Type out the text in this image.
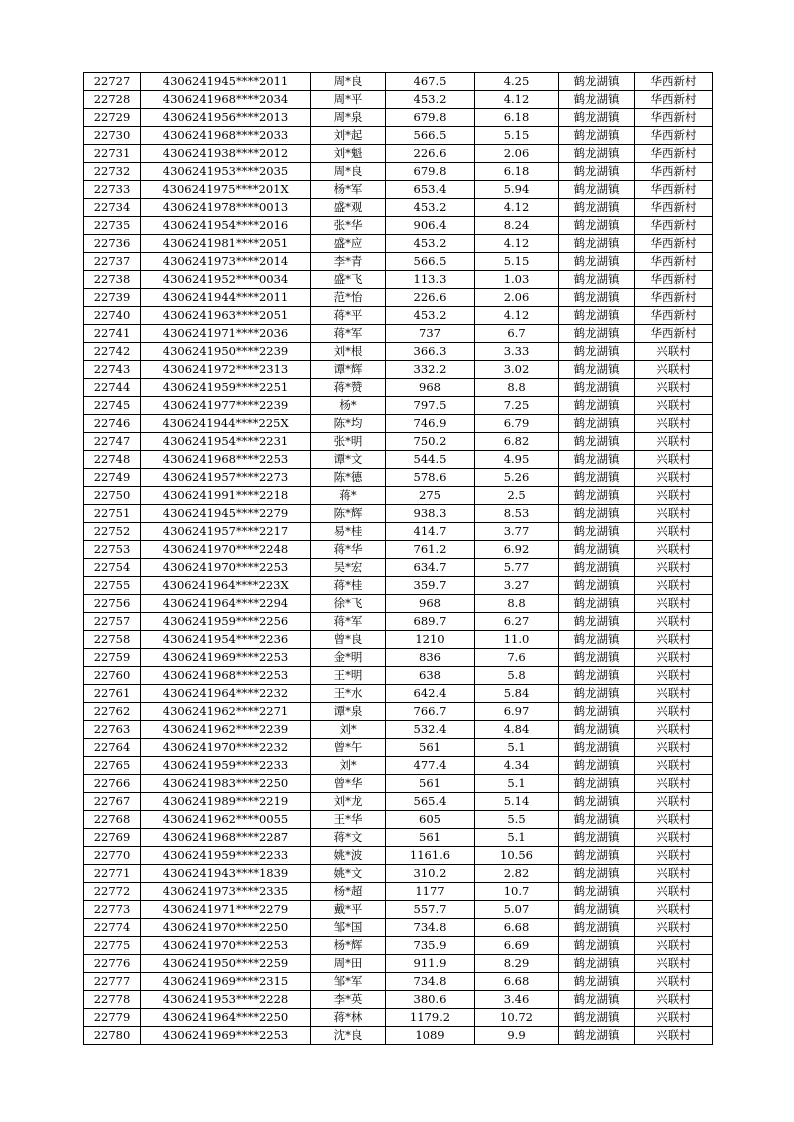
22727	4306241945****2011	周*良	467.5	4.25	鹤龙湖镇	华西新村
22728	4306241968****2034	周*平	453.2	4.12	鹤龙湖镇	华西新村
22729	4306241956****2013	周*泉	679.8	6.18	鹤龙湖镇	华西新村
22730	4306241968****2033	刘*起	566.5	5.15	鹤龙湖镇	华西新村
22731	4306241938****2012	刘*魁	226.6	2.06	鹤龙湖镇	华西新村
22732	4306241953****2035	周*良	679.8	6.18	鹤龙湖镇	华西新村
22733	4306241975****201X	杨*军	653.4	5.94	鹤龙湖镇	华西新村
22734	4306241978****0013	盛*观	453.2	4.12	鹤龙湖镇	华西新村
22735	4306241954****2016	张*华	906.4	8.24	鹤龙湖镇	华西新村
22736	4306241981****2051	盛*应	453.2	4.12	鹤龙湖镇	华西新村
22737	4306241973****2014	李*青	566.5	5.15	鹤龙湖镇	华西新村
22738	4306241952****0034	盛*飞	113.3	1.03	鹤龙湖镇	华西新村
22739	4306241944****2011	范*怡	226.6	2.06	鹤龙湖镇	华西新村
22740	4306241963****2051	蒋*平	453.2	4.12	鹤龙湖镇	华西新村
22741	4306241971****2036	蒋*军	737	6.7	鹤龙湖镇	华西新村
22742	4306241950****2239	刘*根	366.3	3.33	鹤龙湖镇	兴联村
22743	4306241972****2313	谭*辉	332.2	3.02	鹤龙湖镇	兴联村
22744	4306241959****2251	蒋*赞	968	8.8	鹤龙湖镇	兴联村
22745	4306241977****2239	杨*	797.5	7.25	鹤龙湖镇	兴联村
22746	4306241944****225X	陈*均	746.9	6.79	鹤龙湖镇	兴联村
22747	4306241954****2231	张*明	750.2	6.82	鹤龙湖镇	兴联村
22748	4306241968****2253	谭*文	544.5	4.95	鹤龙湖镇	兴联村
22749	4306241957****2273	陈*德	578.6	5.26	鹤龙湖镇	兴联村
22750	4306241991****2218	蒋*	275	2.5	鹤龙湖镇	兴联村
22751	4306241945****2279	陈*辉	938.3	8.53	鹤龙湖镇	兴联村
22752	4306241957****2217	易*桂	414.7	3.77	鹤龙湖镇	兴联村
22753	4306241970****2248	蒋*华	761.2	6.92	鹤龙湖镇	兴联村
22754	4306241970****2253	吴*宏	634.7	5.77	鹤龙湖镇	兴联村
22755	4306241964****223X	蒋*桂	359.7	3.27	鹤龙湖镇	兴联村
22756	4306241964****2294	徐*飞	968	8.8	鹤龙湖镇	兴联村
22757	4306241959****2256	蒋*军	689.7	6.27	鹤龙湖镇	兴联村
22758	4306241954****2236	曾*良	1210	11.0	鹤龙湖镇	兴联村
22759	4306241969****2253	金*明	836	7.6	鹤龙湖镇	兴联村
22760	4306241968****2253	王*明	638	5.8	鹤龙湖镇	兴联村
22761	4306241964****2232	王*水	642.4	5.84	鹤龙湖镇	兴联村
22762	4306241962****2271	谭*泉	766.7	6.97	鹤龙湖镇	兴联村
22763	4306241962****2239	刘*	532.4	4.84	鹤龙湖镇	兴联村
22764	4306241970****2232	曾*午	561	5.1	鹤龙湖镇	兴联村
22765	4306241959****2233	刘*	477.4	4.34	鹤龙湖镇	兴联村
22766	4306241983****2250	曾*华	561	5.1	鹤龙湖镇	兴联村
22767	4306241989****2219	刘*龙	565.4	5.14	鹤龙湖镇	兴联村
22768	4306241962****0055	王*华	605	5.5	鹤龙湖镇	兴联村
22769	4306241968****2287	蒋*文	561	5.1	鹤龙湖镇	兴联村
22770	4306241959****2233	姚*波	1161.6	10.56	鹤龙湖镇	兴联村
22771	4306241943****1839	姚*文	310.2	2.82	鹤龙湖镇	兴联村
22772	4306241973****2335	杨*超	1177	10.7	鹤龙湖镇	兴联村
22773	4306241971****2279	戴*平	557.7	5.07	鹤龙湖镇	兴联村
22774	4306241970****2250	邹*国	734.8	6.68	鹤龙湖镇	兴联村
22775	4306241970****2253	杨*辉	735.9	6.69	鹤龙湖镇	兴联村
22776	4306241950****2259	周*田	911.9	8.29	鹤龙湖镇	兴联村
22777	4306241969****2315	邹*军	734.8	6.68	鹤龙湖镇	兴联村
22778	4306241953****2228	李*英	380.6	3.46	鹤龙湖镇	兴联村
22779	4306241964****2250	蒋*林	1179.2	10.72	鹤龙湖镇	兴联村
22780	4306241969****2253	沈*良	1089	9.9	鹤龙湖镇	兴联村
